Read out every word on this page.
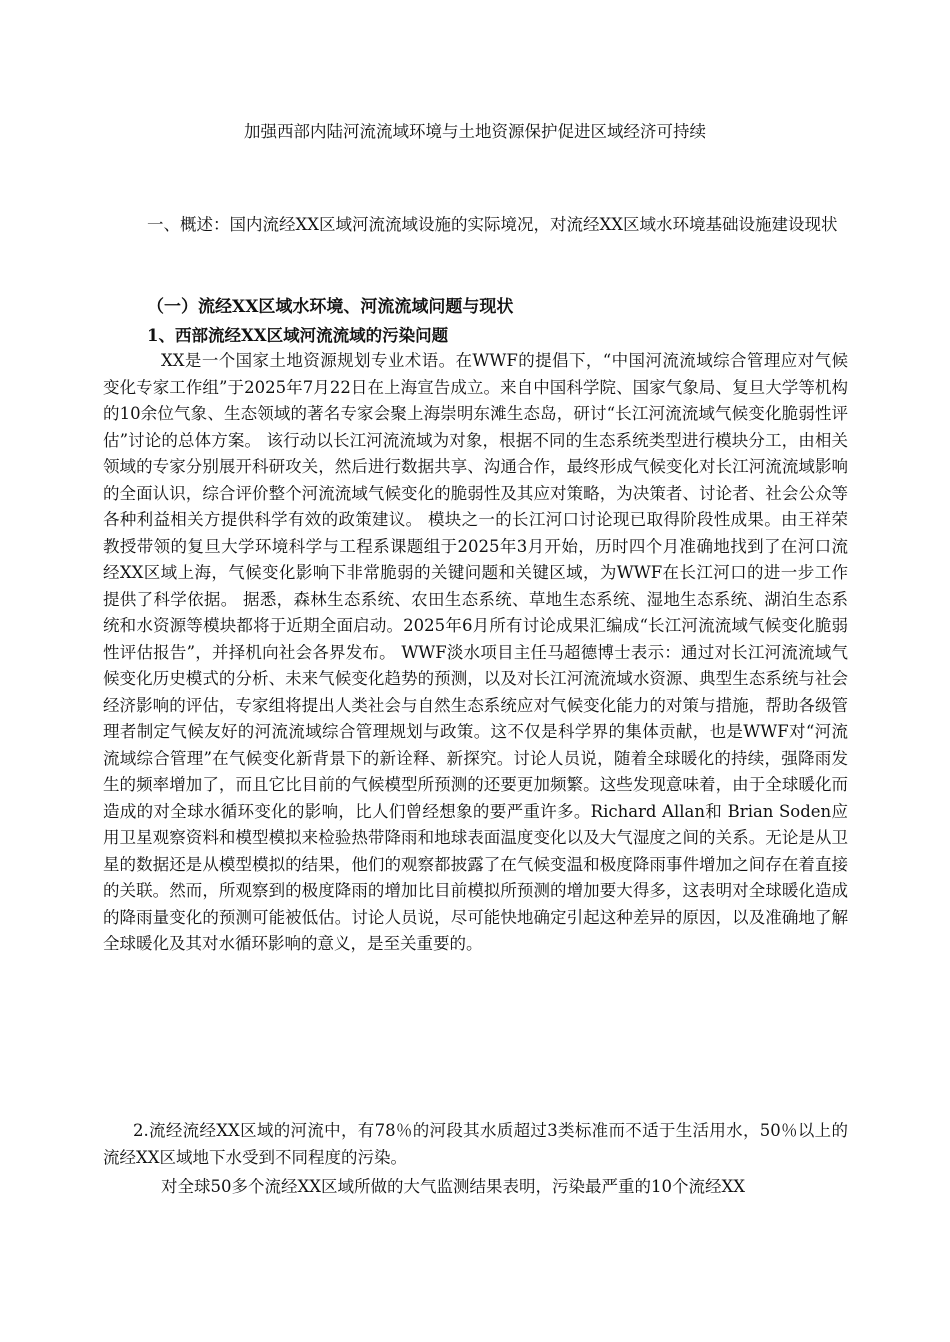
加强西部内陆河流流域环境与土地资源保护促进区域经济可持续

一、概述：国内流经XX区域河流流域设施的实际境况，对流经XX区域水环境基础设施建设现状

（一）流经XX区域水环境、河流流域问题与现状
1、西部流经XX区域河流流域的污染问题

XX是一个国家土地资源规划专业术语。在WWF的提倡下，“中国河流流域综合管理应对气候变化专家工作组”于2025年7月22日在上海宣告成立。来自中国科学院、国家气象局、复旦大学等机构的10余位气象、生态领域的著名专家会聚上海崇明东滩生态岛，研讨“长江河流流域气候变化脆弱性评估”讨论的总体方案。 该行动以长江河流流域为对象，根据不同的生态系统类型进行模块分工，由相关领域的专家分别展开科研攻关，然后进行数据共享、沟通合作，最终形成气候变化对长江河流流域影响的全面认识，综合评价整个河流流域气候变化的脆弱性及其应对策略，为决策者、讨论者、社会公众等各种利益相关方提供科学有效的政策建议。 模块之一的长江河口讨论现已取得阶段性成果。由王祥荣教授带领的复旦大学环境科学与工程系课题组于2025年3月开始，历时四个月准确地找到了在河口流经XX区域上海，气候变化影响下非常脆弱的关键问题和关键区域，为WWF在长江河口的进一步工作提供了科学依据。 据悉，森林生态系统、农田生态系统、草地生态系统、湿地生态系统、湖泊生态系统和水资源等模块都将于近期全面启动。2025年6月所有讨论成果汇编成“长江河流流域气候变化脆弱性评估报告”，并择机向社会各界发布。 WWF淡水项目主任马超德博士表示：通过对长江河流流域气候变化历史模式的分析、未来气候变化趋势的预测，以及对长江河流流域水资源、典型生态系统与社会经济影响的评估，专家组将提出人类社会与自然生态系统应对气候变化能力的对策与措施，帮助各级管理者制定气候友好的河流流域综合管理规划与政策。这不仅是科学界的集体贡献，也是WWF对“河流流域综合管理”在气候变化新背景下的新诠释、新探究。讨论人员说，随着全球暖化的持续，强降雨发生的频率增加了，而且它比目前的气候模型所预测的还要更加频繁。这些发现意味着，由于全球暖化而造成的对全球水循环变化的影响，比人们曾经想象的要严重许多。Richard Allan和 Brian Soden应用卫星观察资料和模型模拟来检验热带降雨和地球表面温度变化以及大气湿度之间的关系。无论是从卫星的数据还是从模型模拟的结果，他们的观察都披露了在气候变温和极度降雨事件增加之间存在着直接的关联。然而，所观察到的极度降雨的增加比目前模拟所预测的增加要大得多，这表明对全球暖化造成的降雨量变化的预测可能被低估。讨论人员说，尽可能快地确定引起这种差异的原因，以及准确地了解全球暖化及其对水循环影响的意义，是至关重要的。

2.流经流经XX区域的河流中，有78％的河段其水质超过3类标准而不适于生活用水，50％以上的流经XX区域地下水受到不同程度的污染。

对全球50多个流经XX区域所做的大气监测结果表明，污染最严重的10个流经XX
